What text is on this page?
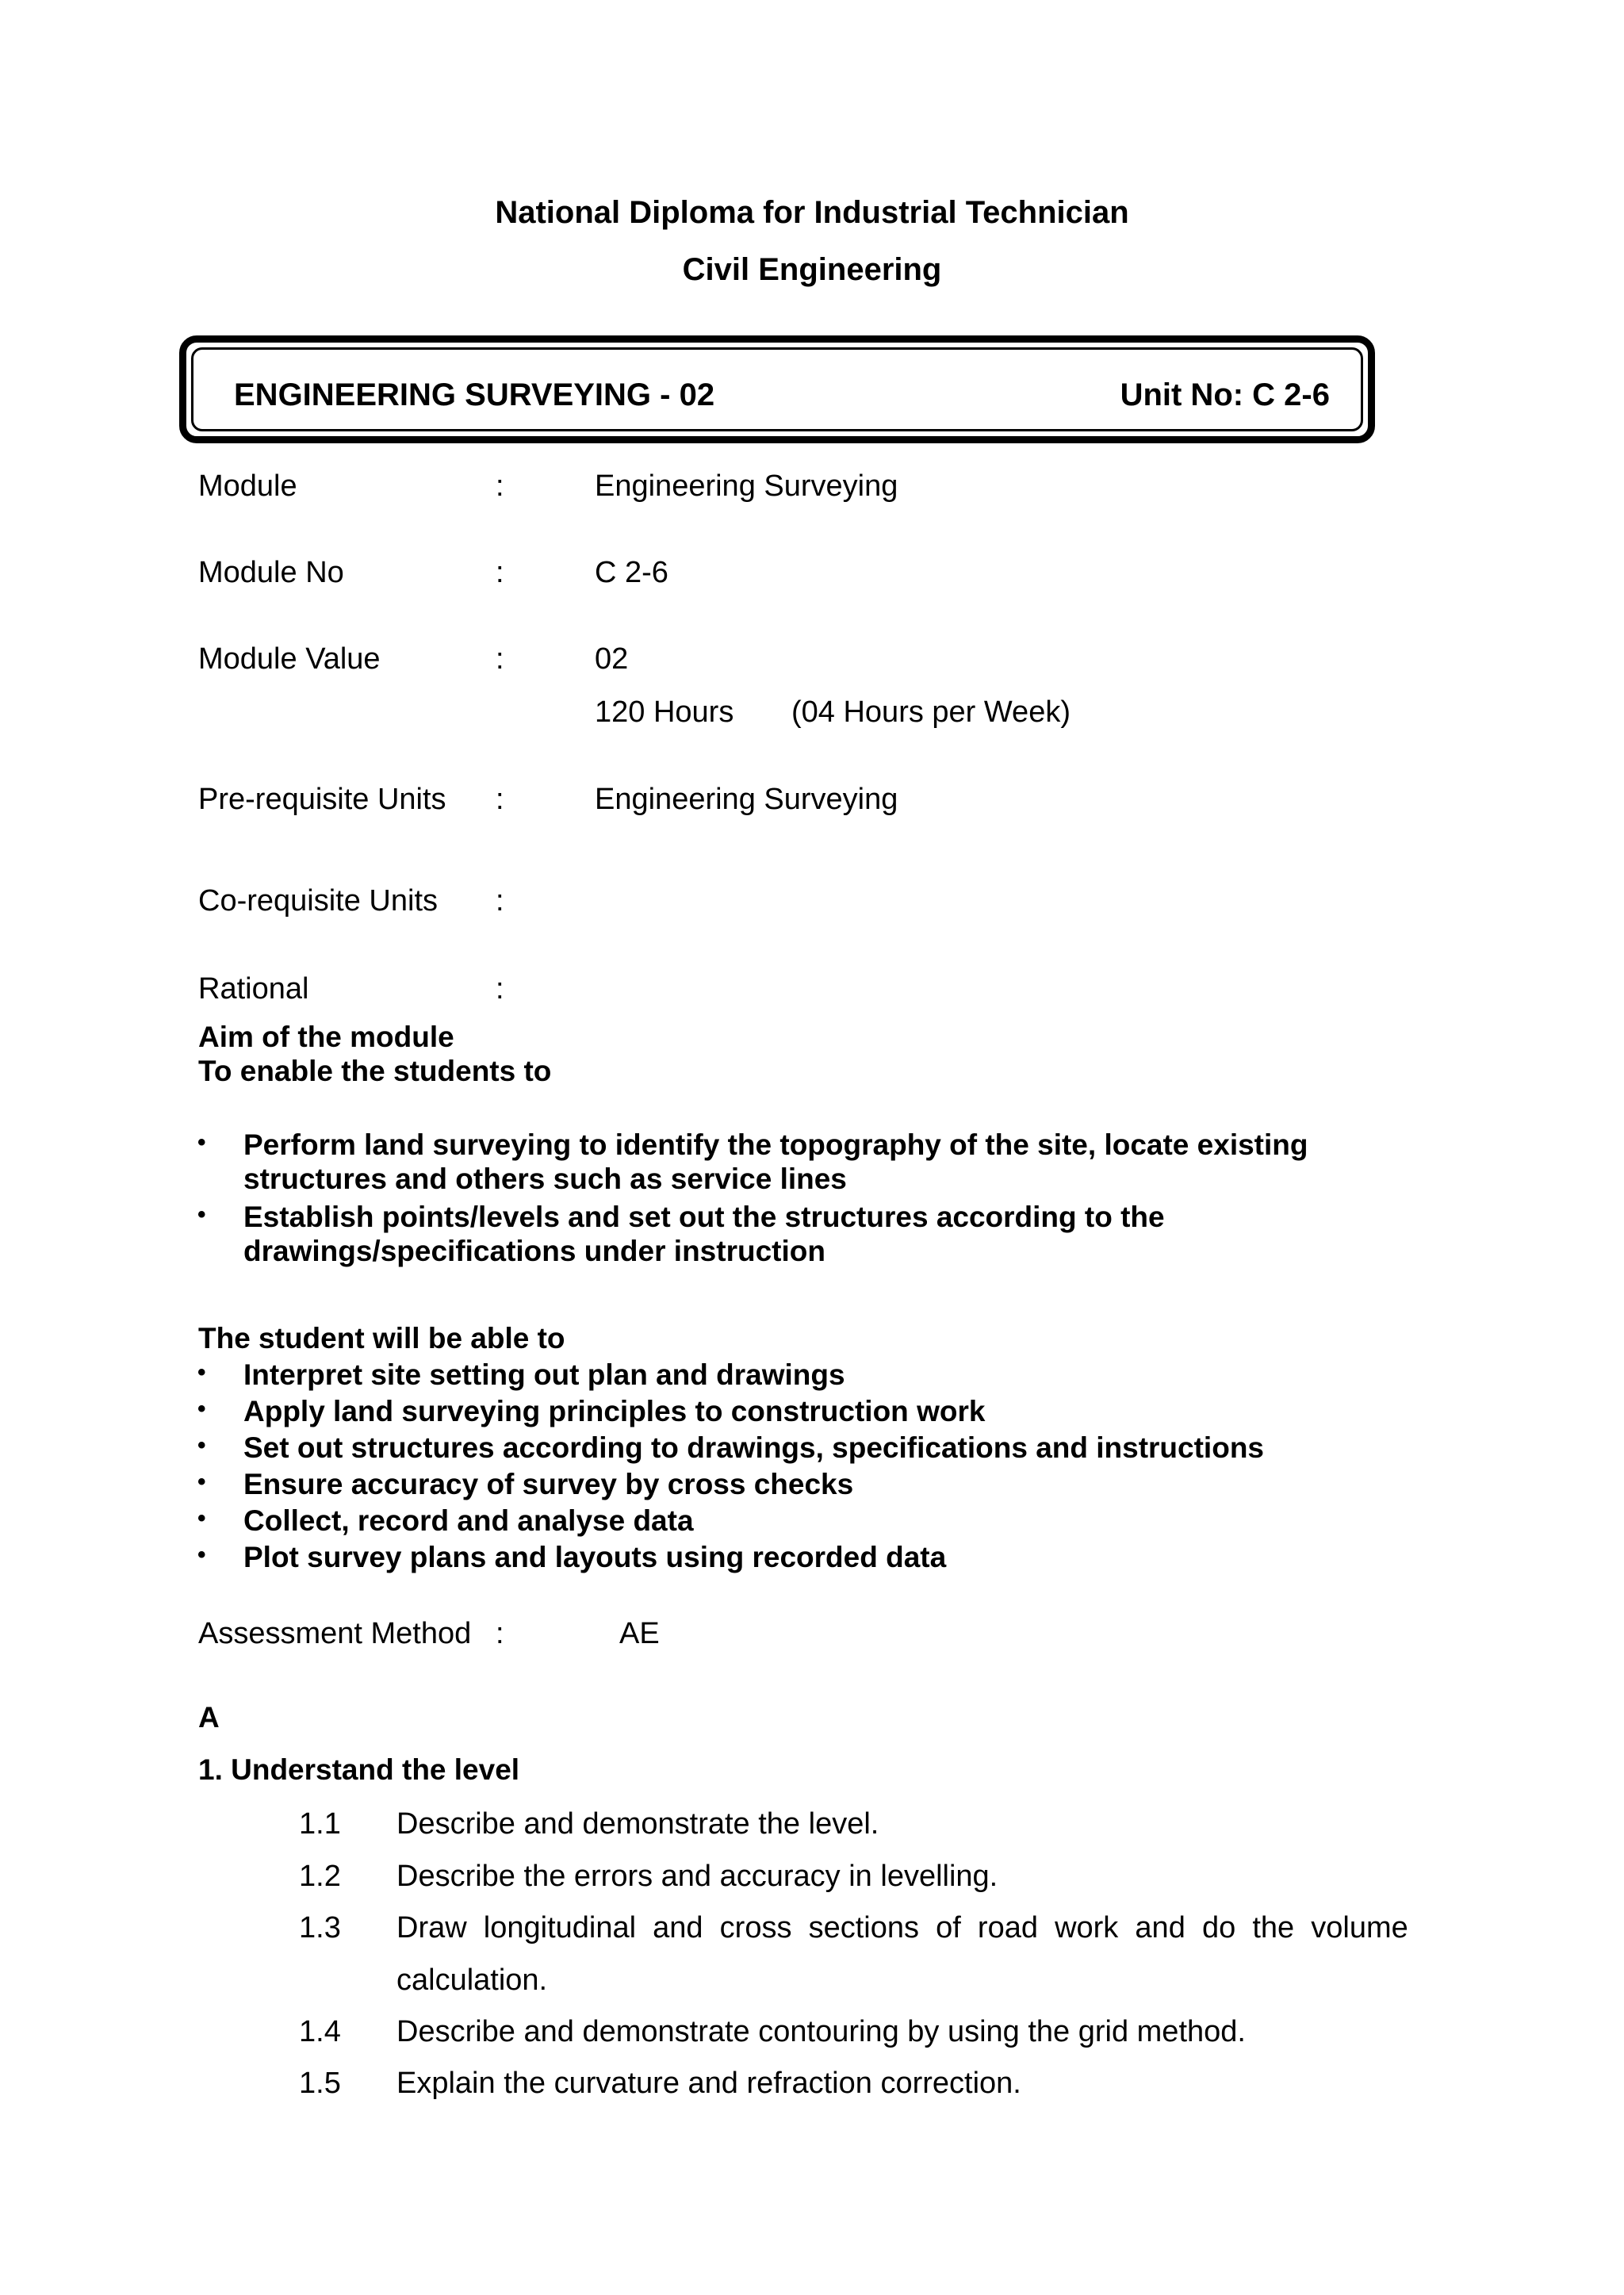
National Diploma for Industrial Technician
Civil Engineering
ENGINEERING SURVEYING - 02	Unit No: C 2-6
Module	:	Engineering Surveying
Module No	:	C 2-6
Module Value	:	02
120 Hours (04 Hours per Week)
Pre-requisite Units :	Engineering Surveying
Co-requisite Units :
Rational	:
Aim of the module
To enable the students to
• Perform land surveying to identify the topography of the site, locate existing
structures and others such as service lines
• Establish points/levels and set out the structures according to the
drawings/specifications under instruction
The student will be able to
• Interpret site setting out plan and drawings
• Apply land surveying principles to construction work
• Set out structures according to drawings, specifications and instructions
• Ensure accuracy of survey by cross checks
• Collect, record and analyse data
• Plot survey plans and layouts using recorded data
Assessment Method :	AE
A
1. Understand the level
1.1 Describe and demonstrate the level.
1.2 Describe the errors and accuracy in levelling.
1.3 Draw  longitudinal  and  cross  sections  of  road  work  and  do  the  volume
calculation.
1.4 Describe and demonstrate contouring by using the grid method.
1.5 Explain the curvature and refraction correction.
